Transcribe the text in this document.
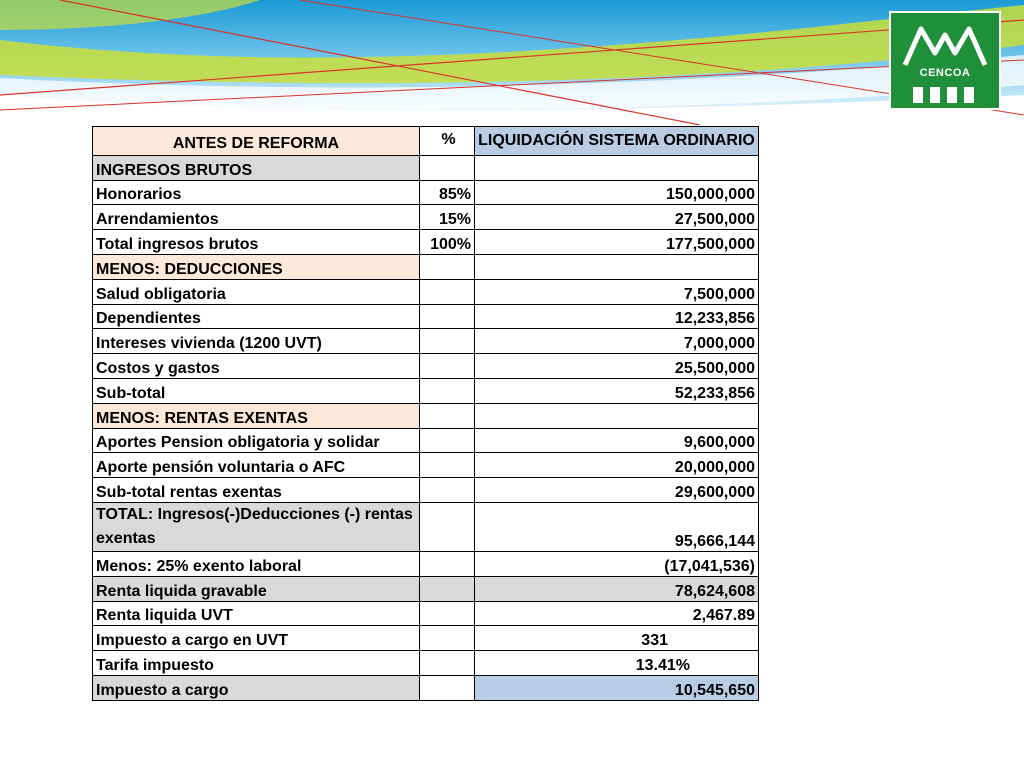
CENCOA
ANTES DE REFORMA	%	LIQUIDACIÓN SISTEMA ORDINARIO
INGRESOS BRUTOS		
Honorarios	85%	150,000,000
Arrendamientos	15%	27,500,000
Total ingresos brutos	100%	177,500,000
MENOS: DEDUCCIONES		
Salud obligatoria		7,500,000
Dependientes		12,233,856
Intereses vivienda (1200 UVT)		7,000,000
Costos y gastos		25,500,000
Sub-total		52,233,856
MENOS: RENTAS EXENTAS		
Aportes Pension obligatoria y solidar		9,600,000
Aporte pensión voluntaria o AFC		20,000,000
Sub-total rentas exentas		29,600,000
TOTAL: Ingresos(-)Deducciones (-) rentas exentas		95,666,144
Menos: 25% exento laboral		(17,041,536)
Renta liquida gravable		78,624,608
Renta liquida UVT		2,467.89
Impuesto a cargo en UVT		331
Tarifa impuesto		13.41%
Impuesto a cargo		10,545,650
